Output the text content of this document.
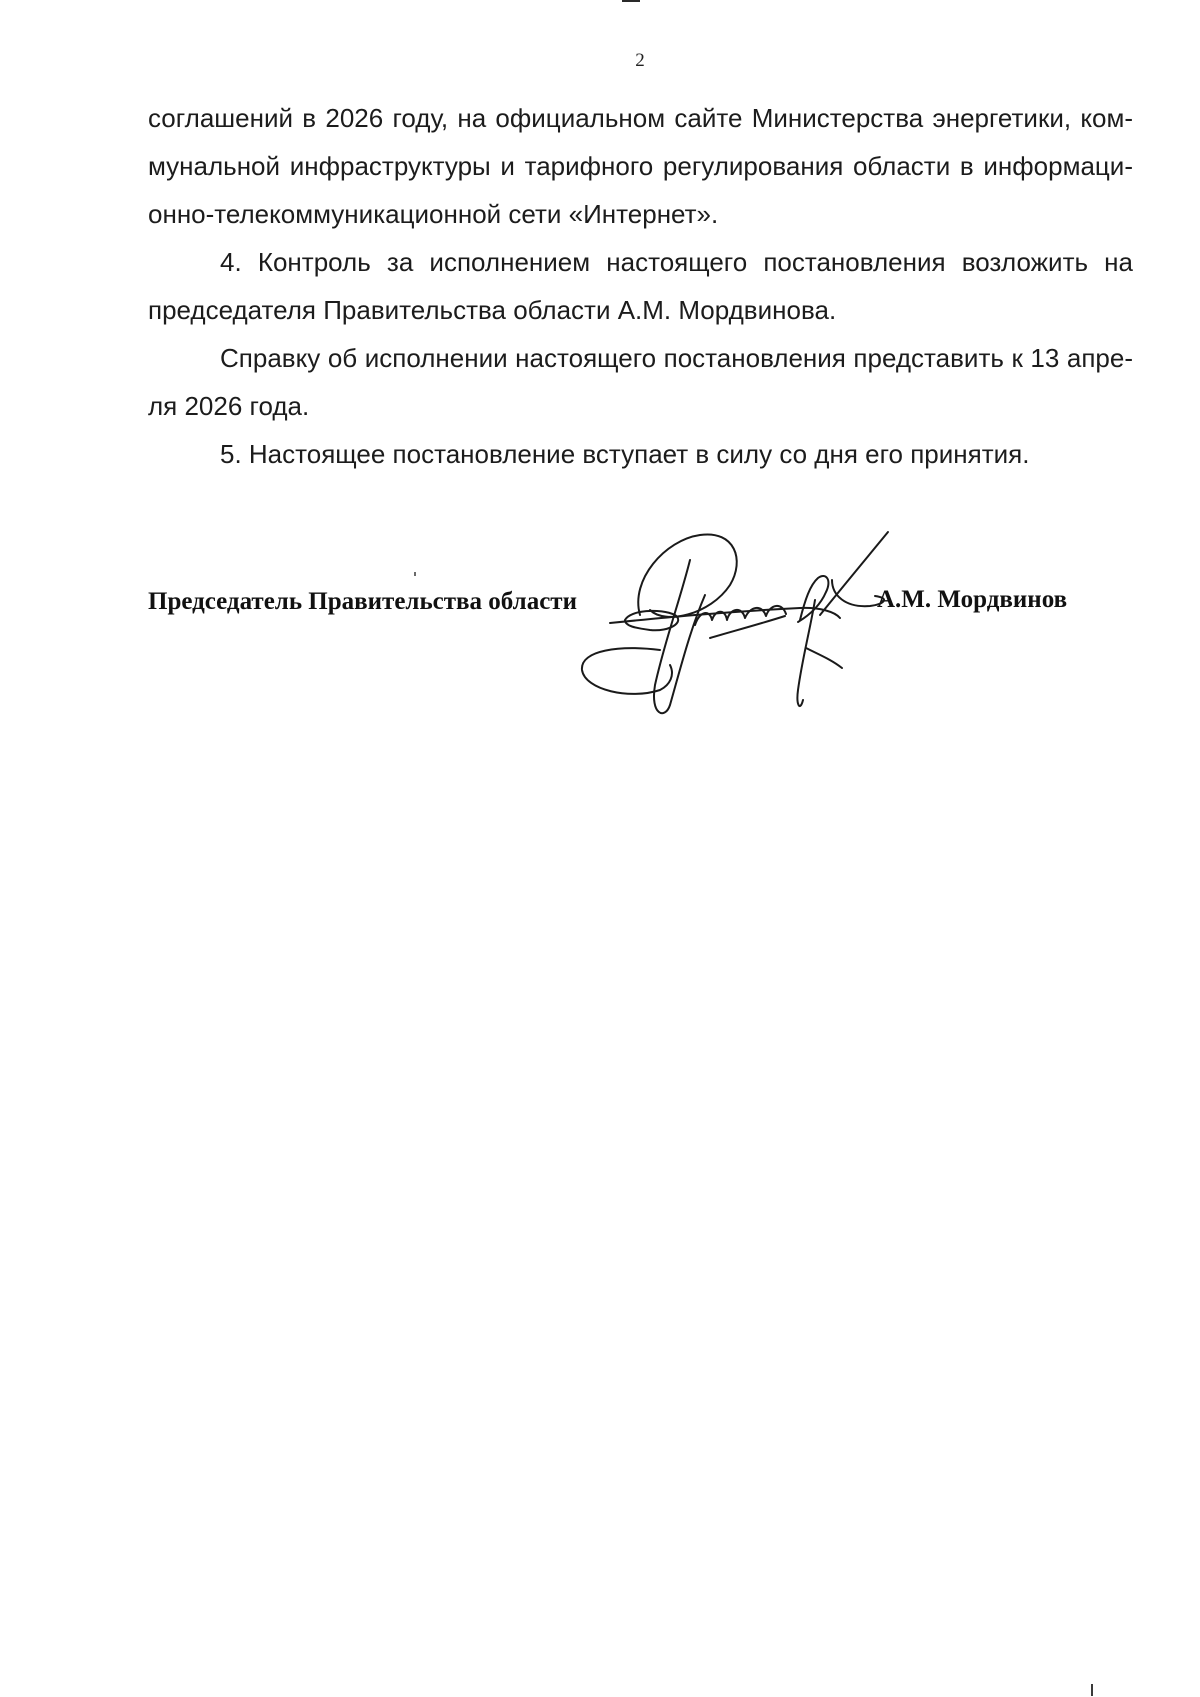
2
соглашений в 2026 году, на официальном сайте Министерства энергетики, ком-
мунальной инфраструктуры и тарифного регулирования области в информаци-
онно-телекоммуникационной сети «Интернет».
4. Контроль за исполнением настоящего постановления возложить на
председателя Правительства области А.М. Мордвинова.
Справку об исполнении настоящего постановления представить к 13 апре-
ля 2026 года.
5. Настоящее постановление вступает в силу со дня его принятия.
Председатель Правительства области	А.М. Мордвинов
